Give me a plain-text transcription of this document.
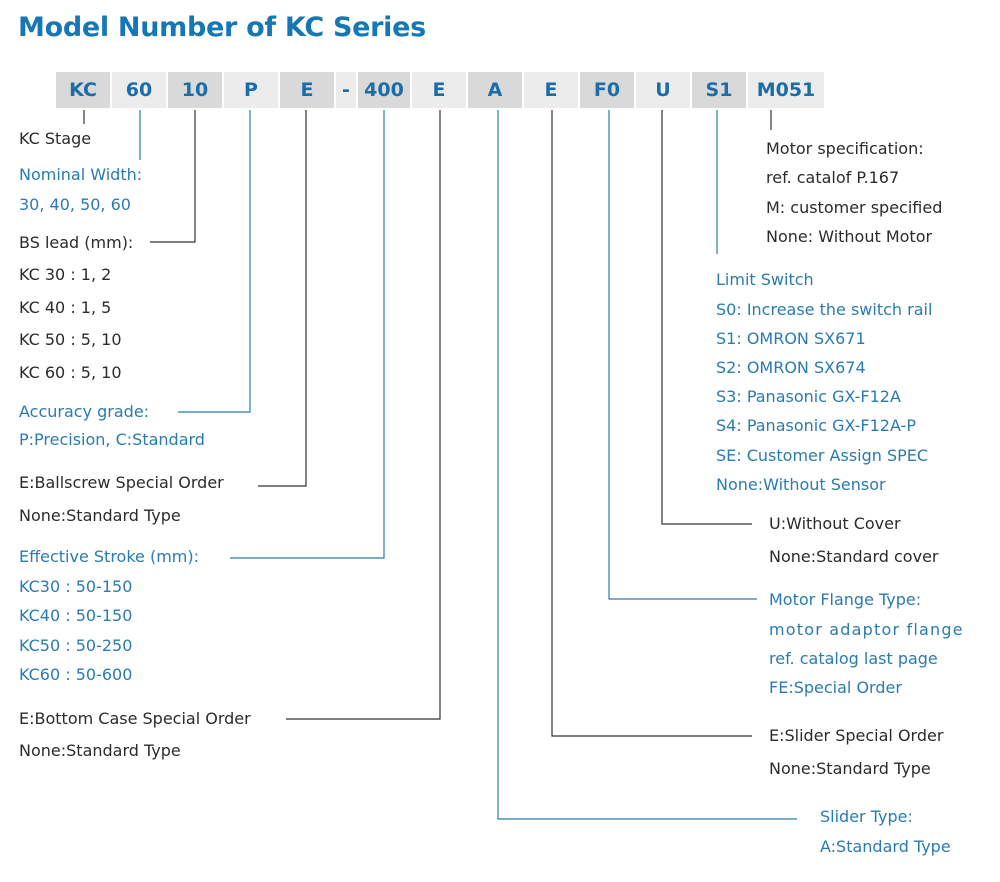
Model Number of KC Series
KC	60	10	P	E	- 400	E	A	E	F0	U	S1	M051
KC Stage
Nominal Width:
30, 40, 50, 60
BS lead (mm):
KC 30 : 1, 2
KC 40 : 1, 5
KC 50 : 5, 10
KC 60 : 5, 10
Accuracy grade:
P:Precision, C:Standard
E:Ballscrew Special Order
None:Standard Type
Effective Stroke (mm):
KC30 : 50-150
KC40 : 50-150
KC50 : 50-250
KC60 : 50-600
E:Bottom Case Special Order
None:Standard Type
Motor specification:
ref. catalof P.167
M: customer specified
None: Without Motor
Limit Switch
S0: Increase the switch rail
S1: OMRON SX671
S2: OMRON SX674
S3: Panasonic GX-F12A
S4: Panasonic GX-F12A-P
SE: Customer Assign SPEC
None:Without Sensor
U:Without Cover
None:Standard cover
Motor Flange Type:
motor adaptor flange
ref. catalog last page
FE:Special Order
E:Slider Special Order
None:Standard Type
Slider Type:
A:Standard Type
